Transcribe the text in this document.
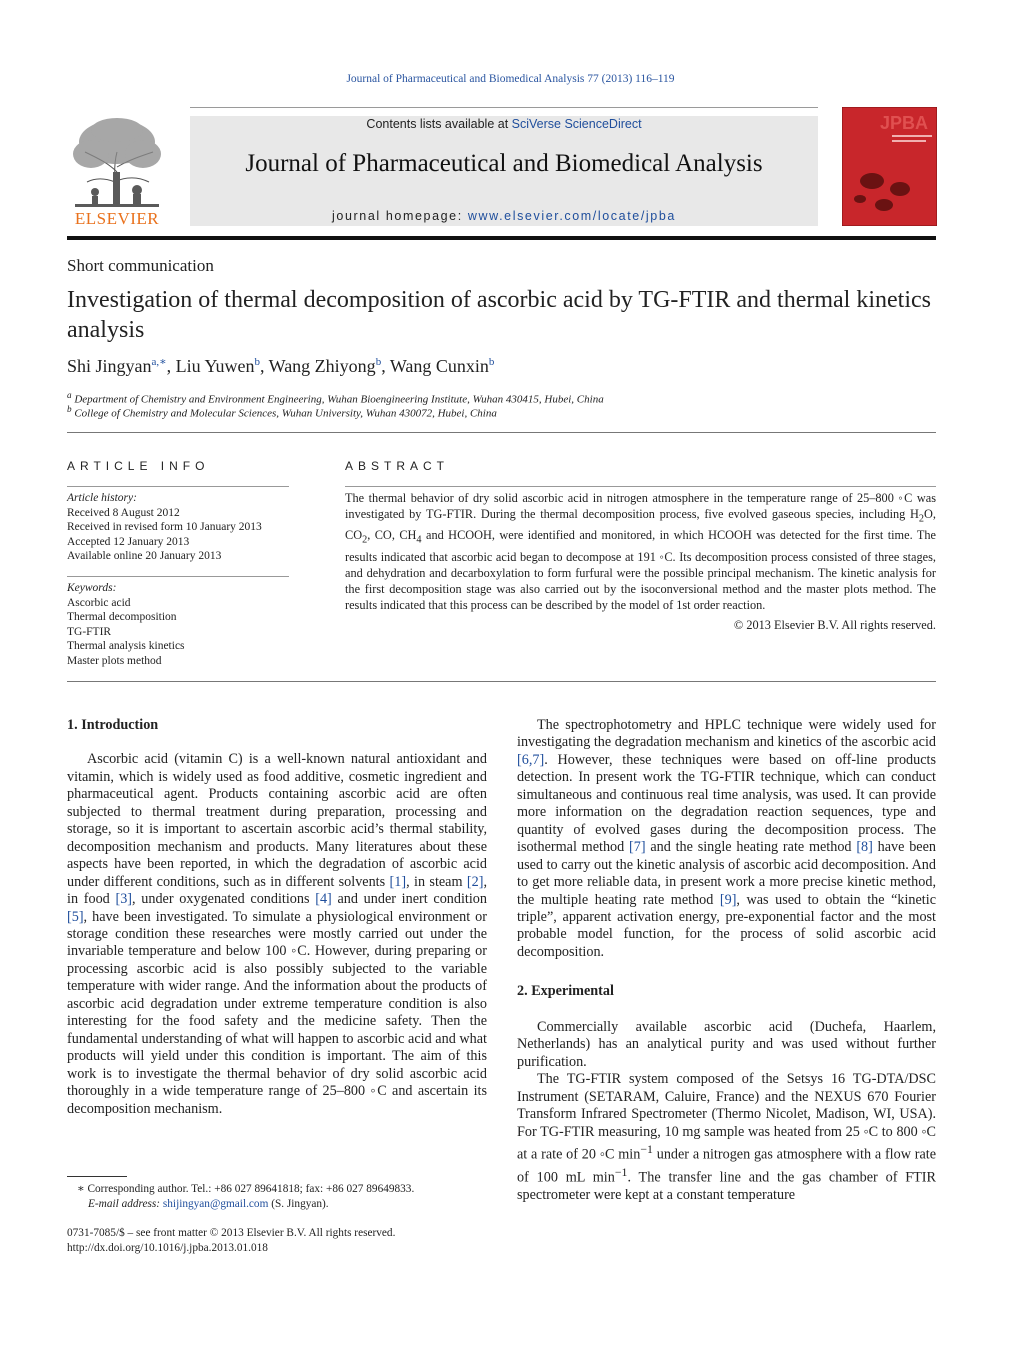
Journal of Pharmaceutical and Biomedical Analysis 77 (2013) 116–119
Contents lists available at SciVerse ScienceDirect
Journal of Pharmaceutical and Biomedical Analysis
journal homepage: www.elsevier.com/locate/jpba
ELSEVIER
JPBA
Short communication
Investigation of thermal decomposition of ascorbic acid by TG-FTIR and thermal kinetics analysis
Shi Jingyan$^{a,∗}$, Liu Yuwen$^b$, Wang Zhiyong$^b$, Wang Cunxin$^b$
$^a$ Department of Chemistry and Environment Engineering, Wuhan Bioengineering Institute, Wuhan 430415, Hubei, China
$^b$ College of Chemistry and Molecular Sciences, Wuhan University, Wuhan 430072, Hubei, China
ARTICLE INFO
Article history:
Received 8 August 2012
Received in revised form 10 January 2013
Accepted 12 January 2013
Available online 20 January 2013
Keywords:
Ascorbic acid
Thermal decomposition
TG-FTIR
Thermal analysis kinetics
Master plots method
ABSTRACT
The thermal behavior of dry solid ascorbic acid in nitrogen atmosphere in the temperature range of 25–800 ◦C was investigated by TG-FTIR. During the thermal decomposition process, five evolved gaseous species, including $H_2O$, $CO_2$, CO, $CH_4$ and HCOOH, were identified and monitored, in which HCOOH was detected for the first time. The results indicated that ascorbic acid began to decompose at 191 ◦C. Its decomposition process consisted of three stages, and dehydration and decarboxylation to form furfural were the possible principal mechanism. The kinetic analysis for the first decomposition stage was also carried out by the isoconversional method and the master plots method. The results indicated that this process can be described by the model of 1st order reaction.
© 2013 Elsevier B.V. All rights reserved.
1. Introduction

Ascorbic acid (vitamin C) is a well-known natural antioxidant and vitamin, which is widely used as food additive, cosmetic ingredient and pharmaceutical agent. Products containing ascorbic acid are often subjected to thermal treatment during preparation, processing and storage, so it is important to ascertain ascorbic acid’s thermal stability, decomposition mechanism and products. Many literatures about these aspects have been reported, in which the degradation of ascorbic acid under different conditions, such as in different solvents [1], in steam [2], in food [3], under oxygenated conditions [4] and under inert condition [5], have been investigated. To simulate a physiological environment or storage condition these researches were mostly carried out under the invariable temperature and below 100 ◦C. However, during preparing or processing ascorbic acid is also possibly subjected to the variable temperature with wider range. And the information about the products of ascorbic acid degradation under extreme temperature condition is also interesting for the food safety and the medicine safety. Then the fundamental understanding of what will happen to ascorbic acid and what products will yield under this condition is important. The aim of this work is to investigate the thermal behavior of dry solid ascorbic acid thoroughly in a wide temperature range of 25–800 ◦C and ascertain its decomposition mechanism.

The spectrophotometry and HPLC technique were widely used for investigating the degradation mechanism and kinetics of the ascorbic acid [6,7]. However, these techniques were based on off-line products detection. In present work the TG-FTIR technique, which can conduct simultaneous and continuous real time analysis, was used. It can provide more information on the degradation reaction sequences, type and quantity of evolved gases during the decomposition process. The isothermal method [7] and the single heating rate method [8] have been used to carry out the kinetic analysis of ascorbic acid decomposition. And to get more reliable data, in present work a more precise kinetic method, the multiple heating rate method [9], was used to obtain the “kinetic triple”, apparent activation energy, pre-exponential factor and the most probable model function, for the process of solid ascorbic acid decomposition.

2. Experimental

Commercially available ascorbic acid (Duchefa, Haarlem, Netherlands) has an analytical purity and was used without further purification.

The TG-FTIR system composed of the Setsys 16 TG-DTA/DSC Instrument (SETARAM, Caluire, France) and the NEXUS 670 Fourier Transform Infrared Spectrometer (Thermo Nicolet, Madison, WI, USA). For TG-FTIR measuring, 10 mg sample was heated from 25 ◦C to 800 ◦C at a rate of 20 ◦C $\min^{-1}$ under a nitrogen gas atmosphere with a flow rate of 100 mL $\min^{-1}$. The transfer line and the gas chamber of FTIR spectrometer were kept at a constant temperature

∗ Corresponding author. Tel.: +86 027 89641818; fax: +86 027 89649833.
E-mail address: shijingyan@gmail.com (S. Jingyan).
0731-7085/$ – see front matter © 2013 Elsevier B.V. All rights reserved.
http://dx.doi.org/10.1016/j.jpba.2013.01.018
